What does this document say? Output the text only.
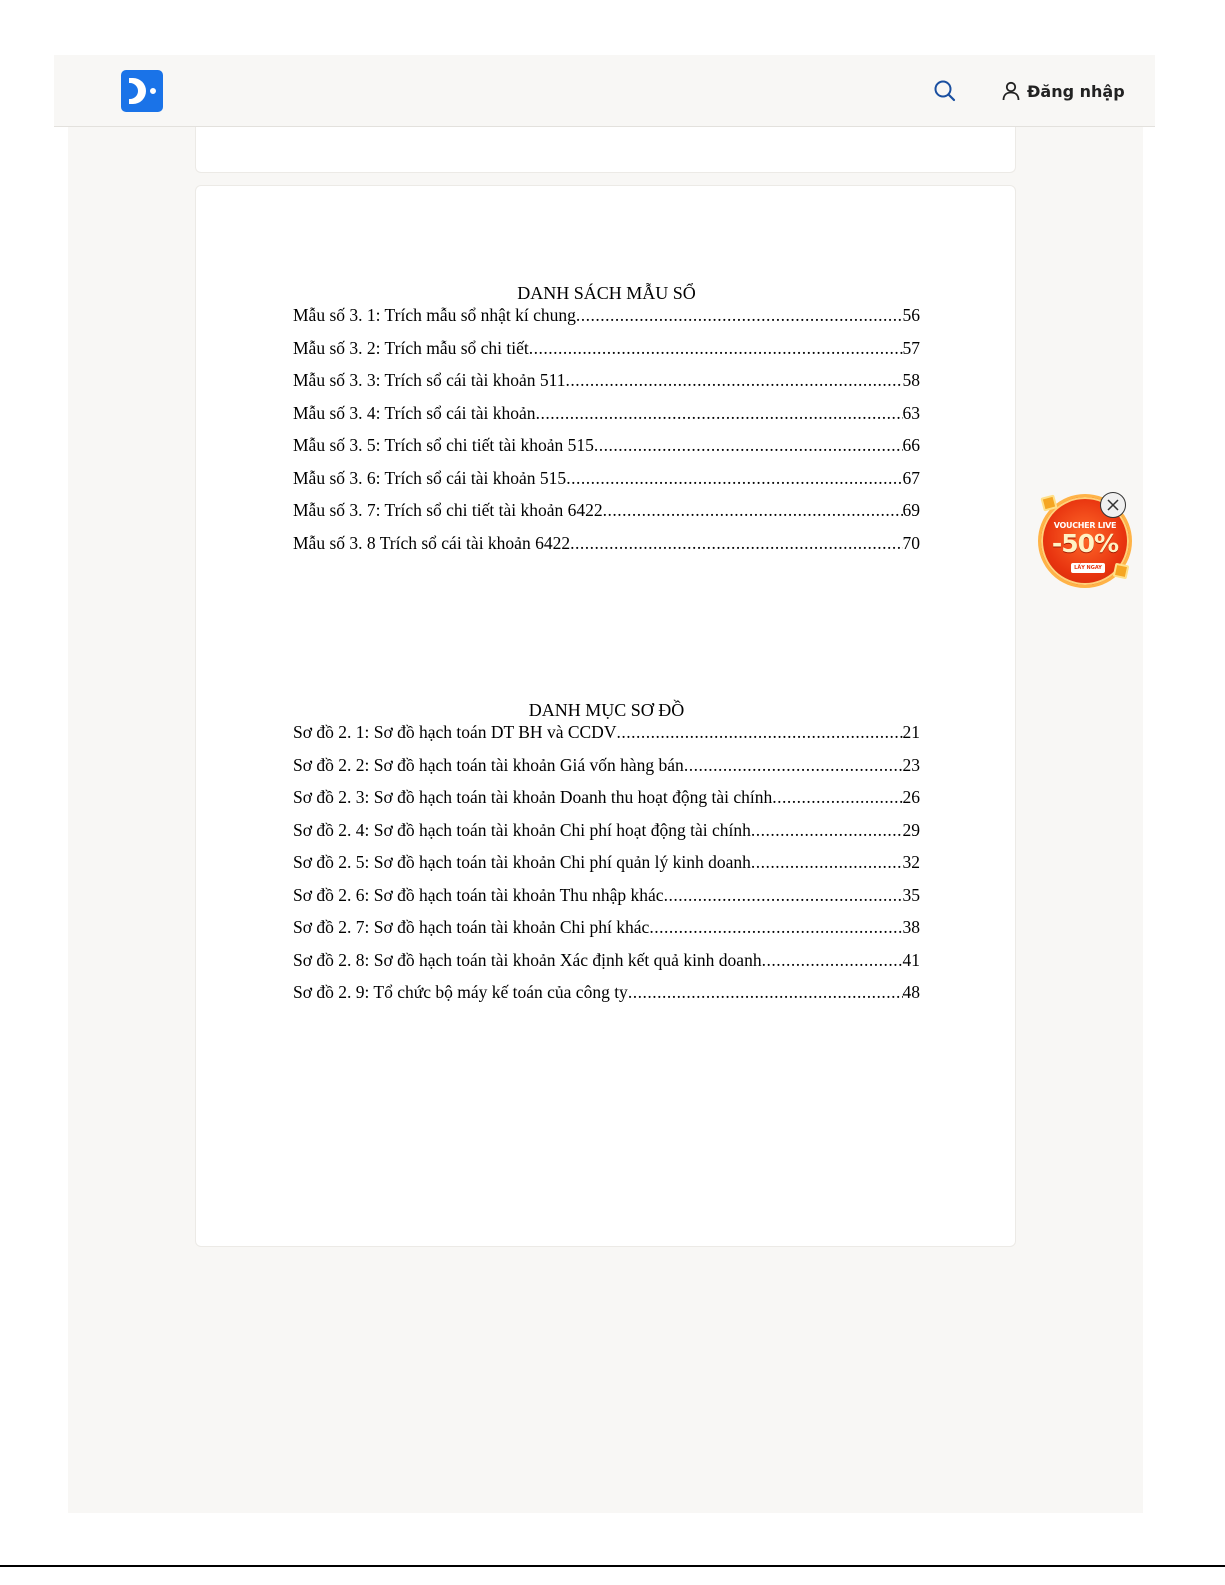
Đăng nhập
DANH SÁCH MẪU SỔ
Mẫu số 3. 1: Trích mẫu sổ nhật kí chung .....	56
Mẫu số 3. 2: Trích mẫu sổ chi tiết .....	57
Mẫu số 3. 3: Trích sổ cái tài khoản 511 .....	58
Mẫu số 3. 4: Trích sổ cái tài khoản .....	63
Mẫu số 3. 5: Trích sổ chi tiết tài khoản 515 .....	66
Mẫu số 3. 6: Trích sổ cái tài khoản 515 .....	67
Mẫu số 3. 7: Trích sổ chi tiết tài khoản 6422 .....	69
Mẫu số 3. 8 Trích sổ cái tài khoản 6422 .....	70
DANH MỤC SƠ ĐỒ
Sơ đồ 2. 1: Sơ đồ hạch toán DT BH và CCDV .....	21
Sơ đồ 2. 2: Sơ đồ hạch toán tài khoản Giá vốn hàng bán .....	23
Sơ đồ 2. 3: Sơ đồ hạch toán tài khoản Doanh thu hoạt động tài chính .....	26
Sơ đồ 2. 4: Sơ đồ hạch toán tài khoản Chi phí hoạt động tài chính .....	29
Sơ đồ 2. 5: Sơ đồ hạch toán tài khoản Chi phí quản lý kinh doanh .....	32
Sơ đồ 2. 6: Sơ đồ hạch toán tài khoản Thu nhập khác .....	35
Sơ đồ 2. 7: Sơ đồ hạch toán tài khoản Chi phí khác .....	38
Sơ đồ 2. 8: Sơ đồ hạch toán tài khoản Xác định kết quả kinh doanh .....	41
Sơ đồ 2. 9: Tổ chức bộ máy kế toán của công ty .....	48
VOUCHER LIVE
-50%
LẤY NGAY
